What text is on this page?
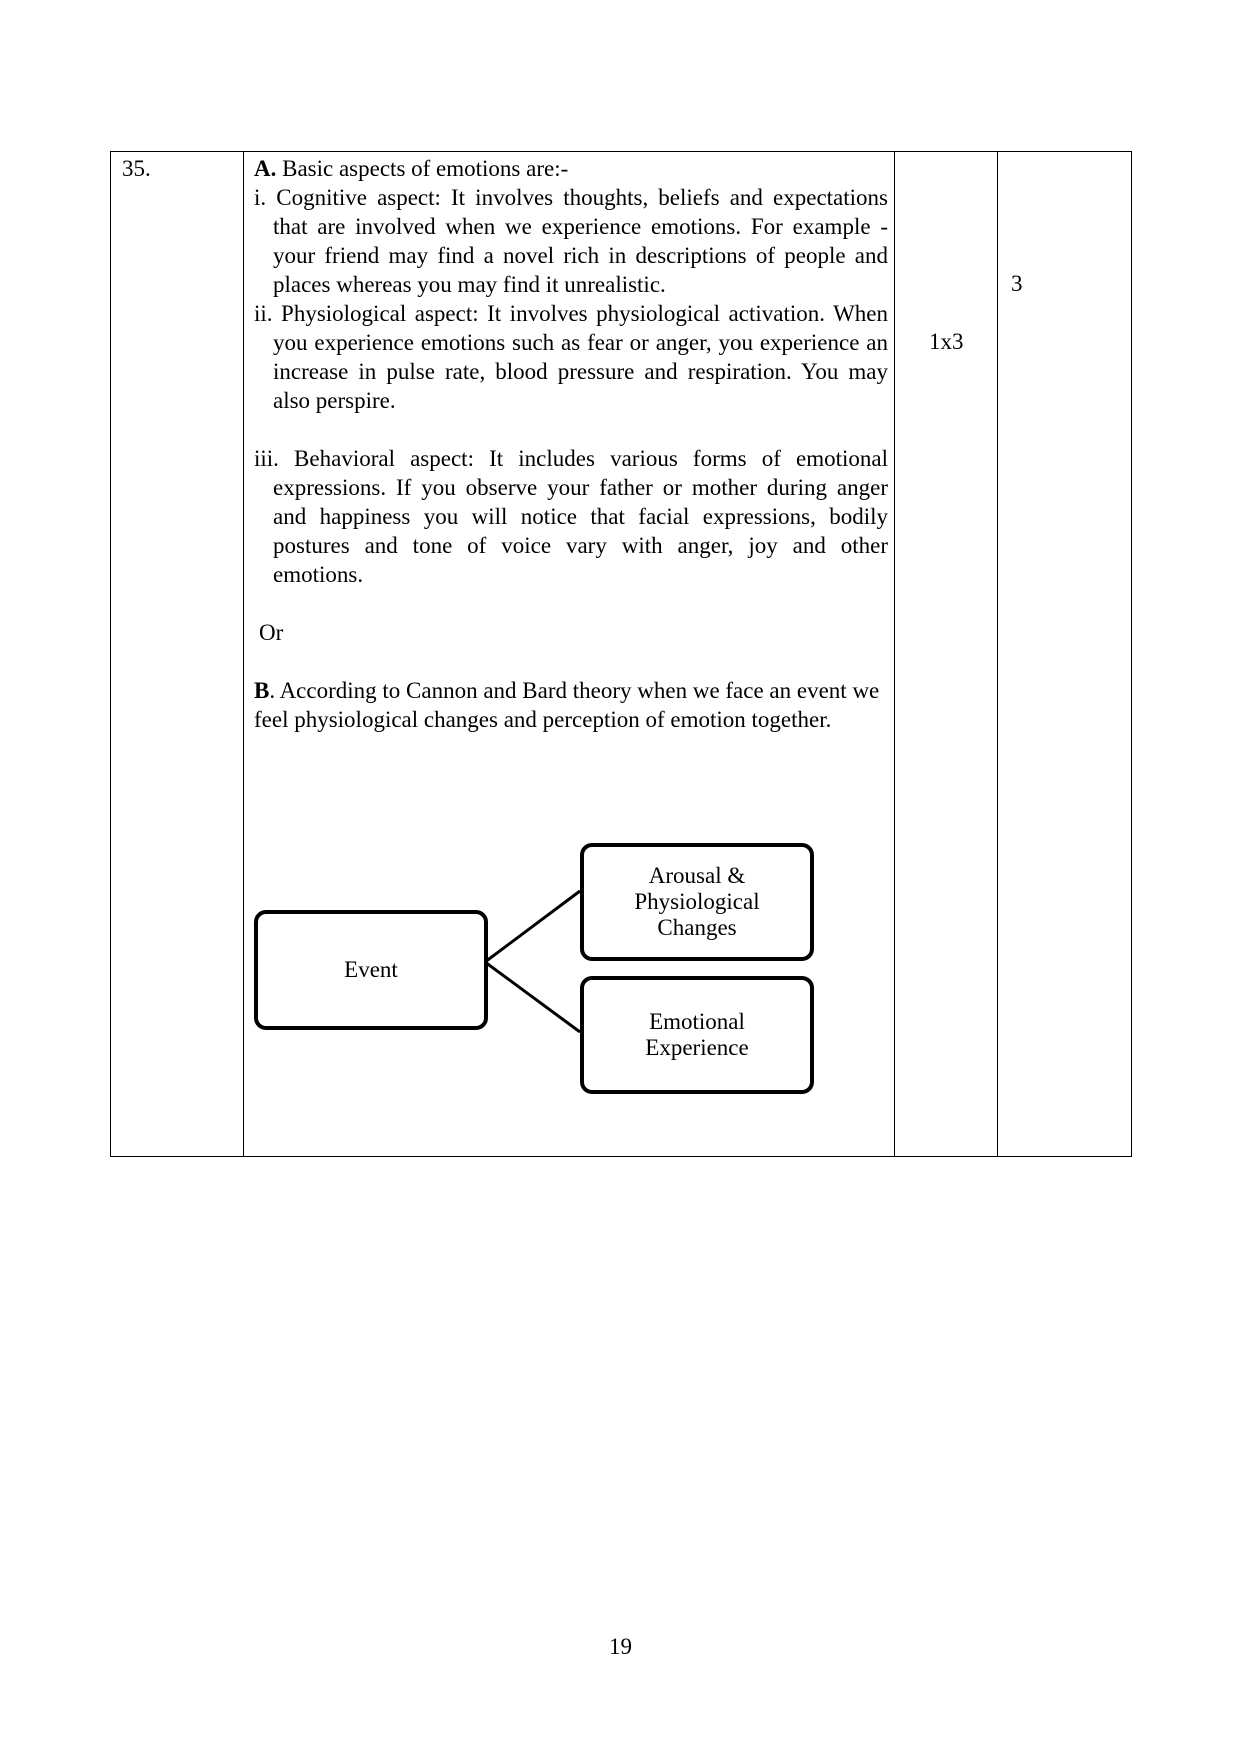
35.	A. Basic aspects of emotions are:-

i. Cognitive aspect: It involves thoughts, beliefs and expectations that are involved when we experience emotions. For example - your friend may find a novel rich in descriptions of people and places whereas you may find it unrealistic.

ii. Physiological aspect: It involves physiological activation. When you experience emotions such as fear or anger, you experience an increase in pulse rate, blood pressure and respiration. You may also perspire.

iii. Behavioral aspect: It includes various forms of emotional expressions. If you observe your father or mother during anger and happiness you will notice that facial expressions, bodily postures and tone of voice vary with anger, joy and other emotions.

Or

B. According to Cannon and Bard theory when we face an event we feel physiological changes and perception of emotion together.

Event
Arousal & Physiological Changes
Emotional Experience
1x3
3
19
